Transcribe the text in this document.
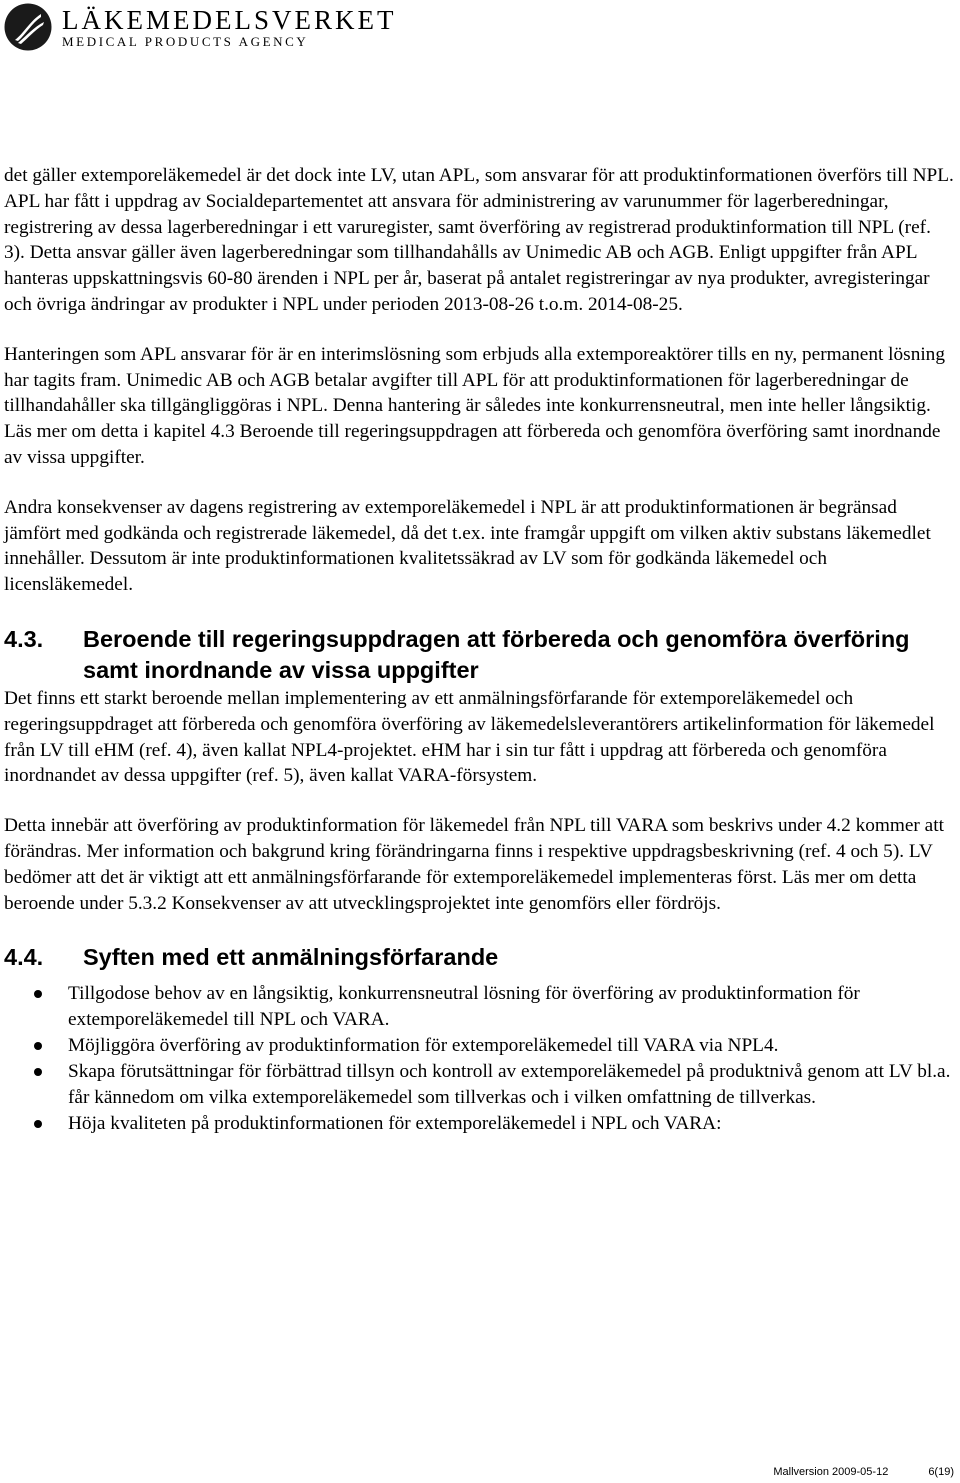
LÄKEMEDELSVERKET
MEDICAL PRODUCTS AGENCY

det gäller extemporeläkemedel är det dock inte LV, utan APL, som ansvarar för att produktinformationen överförs till NPL. APL har fått i uppdrag av Socialdepartementet att ansvara för administrering av varunummer för lagerberedningar, registrering av dessa lagerberedningar i ett varuregister, samt överföring av registrerad produktinformation till NPL (ref. 3). Detta ansvar gäller även lagerberedningar som tillhandahålls av Unimedic AB och AGB. Enligt uppgifter från APL hanteras uppskattningsvis 60-80 ärenden i NPL per år, baserat på antalet registreringar av nya produkter, avregisteringar och övriga ändringar av produkter i NPL under perioden 2013-08-26 t.o.m. 2014-08-25.

Hanteringen som APL ansvarar för är en interimslösning som erbjuds alla extemporeaktörer tills en ny, permanent lösning har tagits fram. Unimedic AB och AGB betalar avgifter till APL för att produktinformationen för lagerberedningar de tillhandahåller ska tillgängliggöras i NPL. Denna hantering är således inte konkurrensneutral, men inte heller långsiktig. Läs mer om detta i kapitel 4.3 Beroende till regeringsuppdragen att förbereda och genomföra överföring samt inordnande av vissa uppgifter.

Andra konsekvenser av dagens registrering av extemporeläkemedel i NPL är att produktinformationen är begränsad jämfört med godkända och registrerade läkemedel, då det t.ex. inte framgår uppgift om vilken aktiv substans läkemedlet innehåller. Dessutom är inte produktinformationen kvalitetssäkrad av LV som för godkända läkemedel och licensläkemedel.

4.3.	Beroende till regeringsuppdragen att förbereda och genomföra överföring samt inordnande av vissa uppgifter

Det finns ett starkt beroende mellan implementering av ett anmälningsförfarande för extemporeläkemedel och regeringsuppdraget att förbereda och genomföra överföring av läkemedelsleverantörers artikelinformation för läkemedel från LV till eHM (ref. 4), även kallat NPL4-projektet. eHM har i sin tur fått i uppdrag att förbereda och genomföra inordnandet av dessa uppgifter (ref. 5), även kallat VARA-försystem.

Detta innebär att överföring av produktinformation för läkemedel från NPL till VARA som beskrivs under 4.2 kommer att förändras. Mer information och bakgrund kring förändringarna finns i respektive uppdragsbeskrivning (ref. 4 och 5). LV bedömer att det är viktigt att ett anmälningsförfarande för extemporeläkemedel implementeras först. Läs mer om detta beroende under 5.3.2 Konsekvenser av att utvecklingsprojektet inte genomförs eller fördröjs.

4.4.	Syften med ett anmälningsförfarande
Tillgodose behov av en långsiktig, konkurrensneutral lösning för överföring av produktinformation för extemporeläkemedel till NPL och VARA.
Möjliggöra överföring av produktinformation för extemporeläkemedel till VARA via NPL4.
Skapa förutsättningar för förbättrad tillsyn och kontroll av extemporeläkemedel på produktnivå genom att LV bl.a. får kännedom om vilka extemporeläkemedel som tillverkas och i vilken omfattning de tillverkas.
Höja kvaliteten på produktinformationen för extemporeläkemedel i NPL och VARA:
Mallversion 2009-05-12	6(19)
